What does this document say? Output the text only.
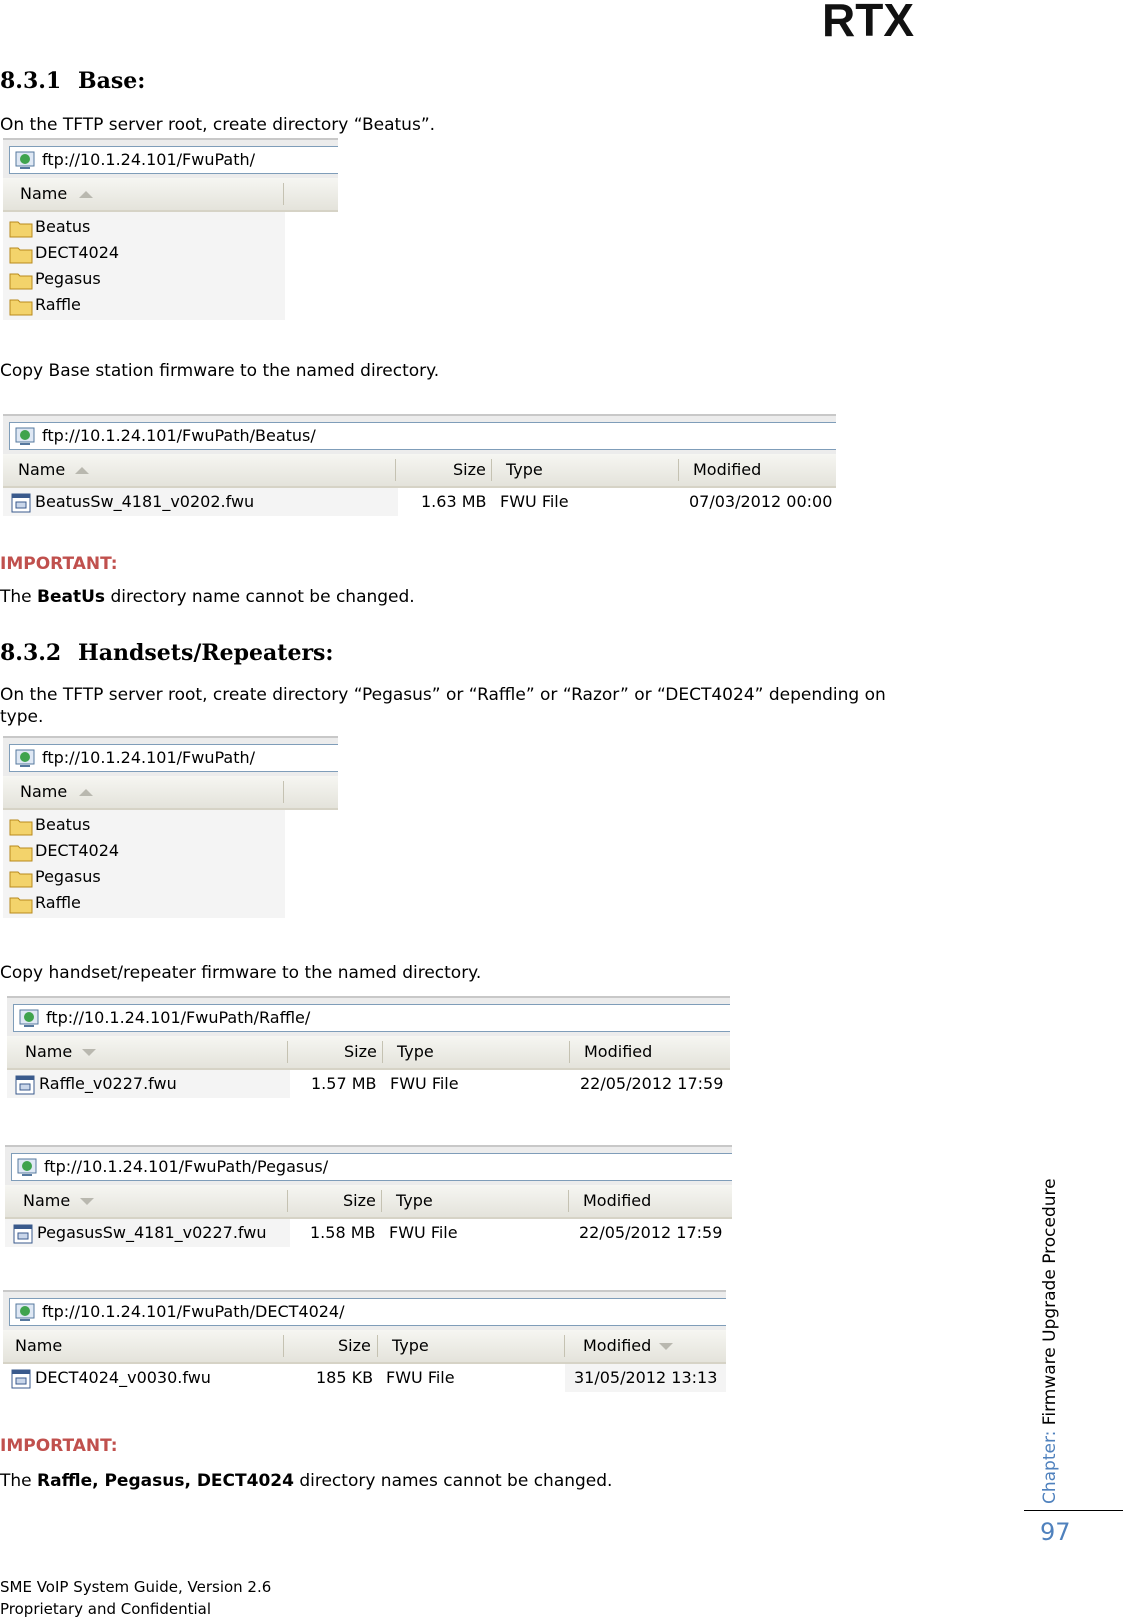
RTX
8.3.1 Base:
On the TFTP server root, create directory “Beatus”.
ftp://10.1.24.101/FwuPath/
Name
Beatus
DECT4024
Pegasus
Raffle
Copy Base station firmware to the named directory.
ftp://10.1.24.101/FwuPath/Beatus/
Name	Size Type	Modified
BeatusSw_4181_v0202.fwu	1.63 MB FWU File	07/03/2012 00:00
IMPORTANT:
The BeatUs directory name cannot be changed.
8.3.2 Handsets/Repeaters:
On the TFTP server root, create directory “Pegasus” or “Raffle” or “Razor” or “DECT4024” depending on
type.
ftp://10.1.24.101/FwuPath/
Name
Beatus
DECT4024
Pegasus
Raffle
Copy handset/repeater firmware to the named directory.
ftp://10.1.24.101/FwuPath/Raffle/
Name	Size Type	Modified
Raffle_v0227.fwu	1.57 MB FWU File	22/05/2012 17:59
ftp://10.1.24.101/FwuPath/Pegasus/
Name	Size Type	Modified
PegasusSw_4181_v0227.fwu	1.58 MB FWU File	22/05/2012 17:59
ftp://10.1.24.101/FwuPath/DECT4024/
Name	Size Type	Modified
DECT4024_v0030.fwu	185 KB FWU File	31/05/2012 13:13
IMPORTANT:
The Raffle, Pegasus, DECT4024 directory names cannot be changed.	Chapter: Firmware Upgrade Procedure
97
SME VoIP System Guide, Version 2.6
Proprietary and Confidential
